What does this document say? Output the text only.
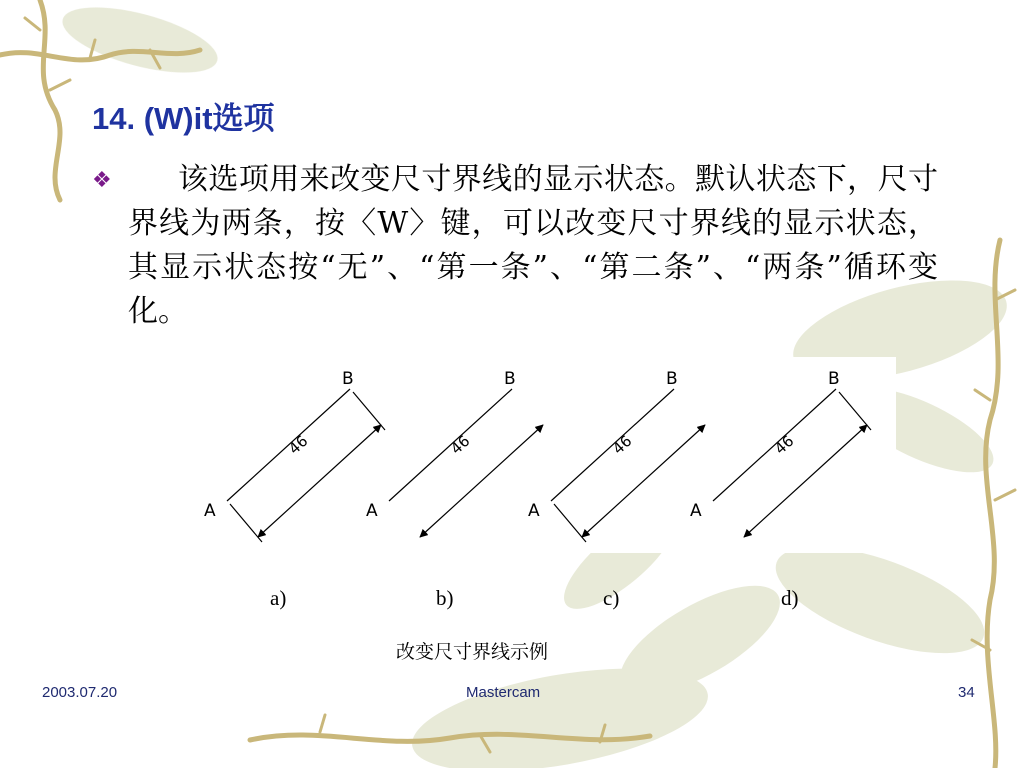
14. (W)it选项
❖	该选项用来改变尺寸界线的显示状态。默认状态下，尺寸界线为两条，按〈W〉键，可以改变尺寸界线的显示状态，其显示状态按“无”、“第一条”、“第二条”、“两条”循环变化。
46
A
B
46
A
B
46
A
B
46
A
B
a)	b)	c)	d)
改变尺寸界线示例
2003.07.20	Mastercam	34
